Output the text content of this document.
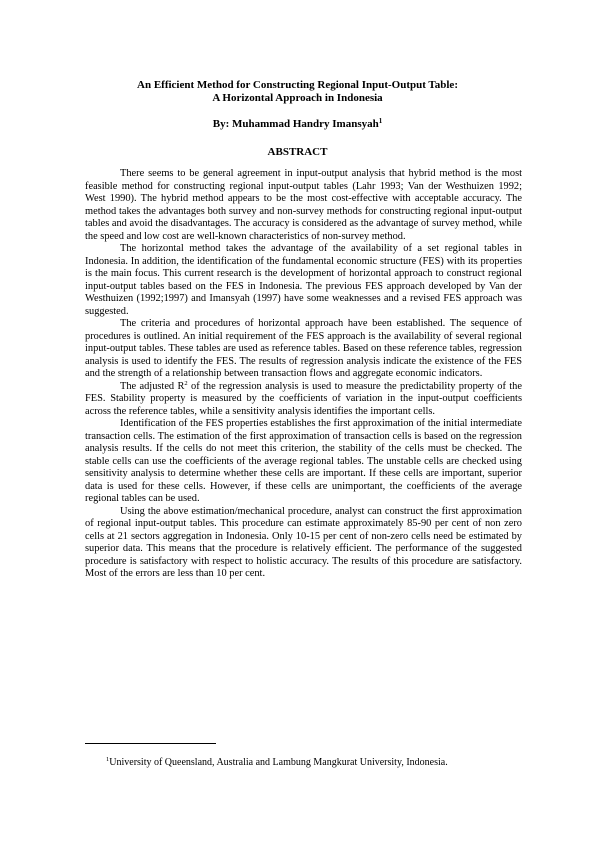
An Efficient Method for Constructing Regional Input-Output Table:
A Horizontal Approach in Indonesia
By: Muhammad Handry Imansyah$^1$
ABSTRACT

There seems to be general agreement in input-output analysis that hybrid method is the most feasible method for constructing regional input-output tables (Lahr 1993; Van der Westhuizen 1992; West 1990). The hybrid method appears to be the most cost-effective with acceptable accuracy. The method takes the advantages both survey and non-survey methods for constructing regional input-output tables and avoid the disadvantages. The accuracy is considered as the advantage of survey method, while the speed and low cost are well-known characteristics of non-survey method.

The horizontal method takes the advantage of the availability of a set regional tables in Indonesia. In addition, the identification of the fundamental economic structure (FES) with its properties is the main focus. This current research is the development of horizontal approach to construct regional input-output tables based on the FES in Indonesia. The previous FES approach developed by Van der Westhuizen (1992;1997) and Imansyah (1997) have some weaknesses and a revised FES approach was suggested.

The criteria and procedures of horizontal approach have been established. The sequence of procedures is outlined. An initial requirement of the FES approach is the availability of several regional input-output tables. These tables are used as reference tables. Based on these reference tables, regression analysis is used to identify the FES. The results of regression analysis indicate the existence of the FES and the strength of a relationship between transaction flows and aggregate economic indicators.

The adjusted $R^2$ of the regression analysis is used to measure the predictability property of the FES. Stability property is measured by the coefficients of variation in the input-output coefficients across the reference tables, while a sensitivity analysis identifies the important cells.

Identification of the FES properties establishes the first approximation of the initial intermediate transaction cells. The estimation of the first approximation of transaction cells is based on the regression analysis results. If the cells do not meet this criterion, the stability of the cells must be checked. The stable cells can use the coefficients of the average regional tables. The unstable cells are checked using sensitivity analysis to determine whether these cells are important. If these cells are important, superior data is used for these cells. However, if these cells are unimportant, the coefficients of the average regional tables can be used.

Using the above estimation/mechanical procedure, analyst can construct the first approximation of regional input-output tables. This procedure can estimate approximately 85-90 per cent of non zero cells at 21 sectors aggregation in Indonesia. Only 10-15 per cent of non-zero cells need be estimated by superior data. This means that the procedure is relatively efficient. The performance of the suggested procedure is satisfactory with respect to holistic accuracy. The results of this procedure are satisfactory. Most of the errors are less than 10 per cent.

$^1$University of Queensland, Australia and Lambung Mangkurat University, Indonesia.
